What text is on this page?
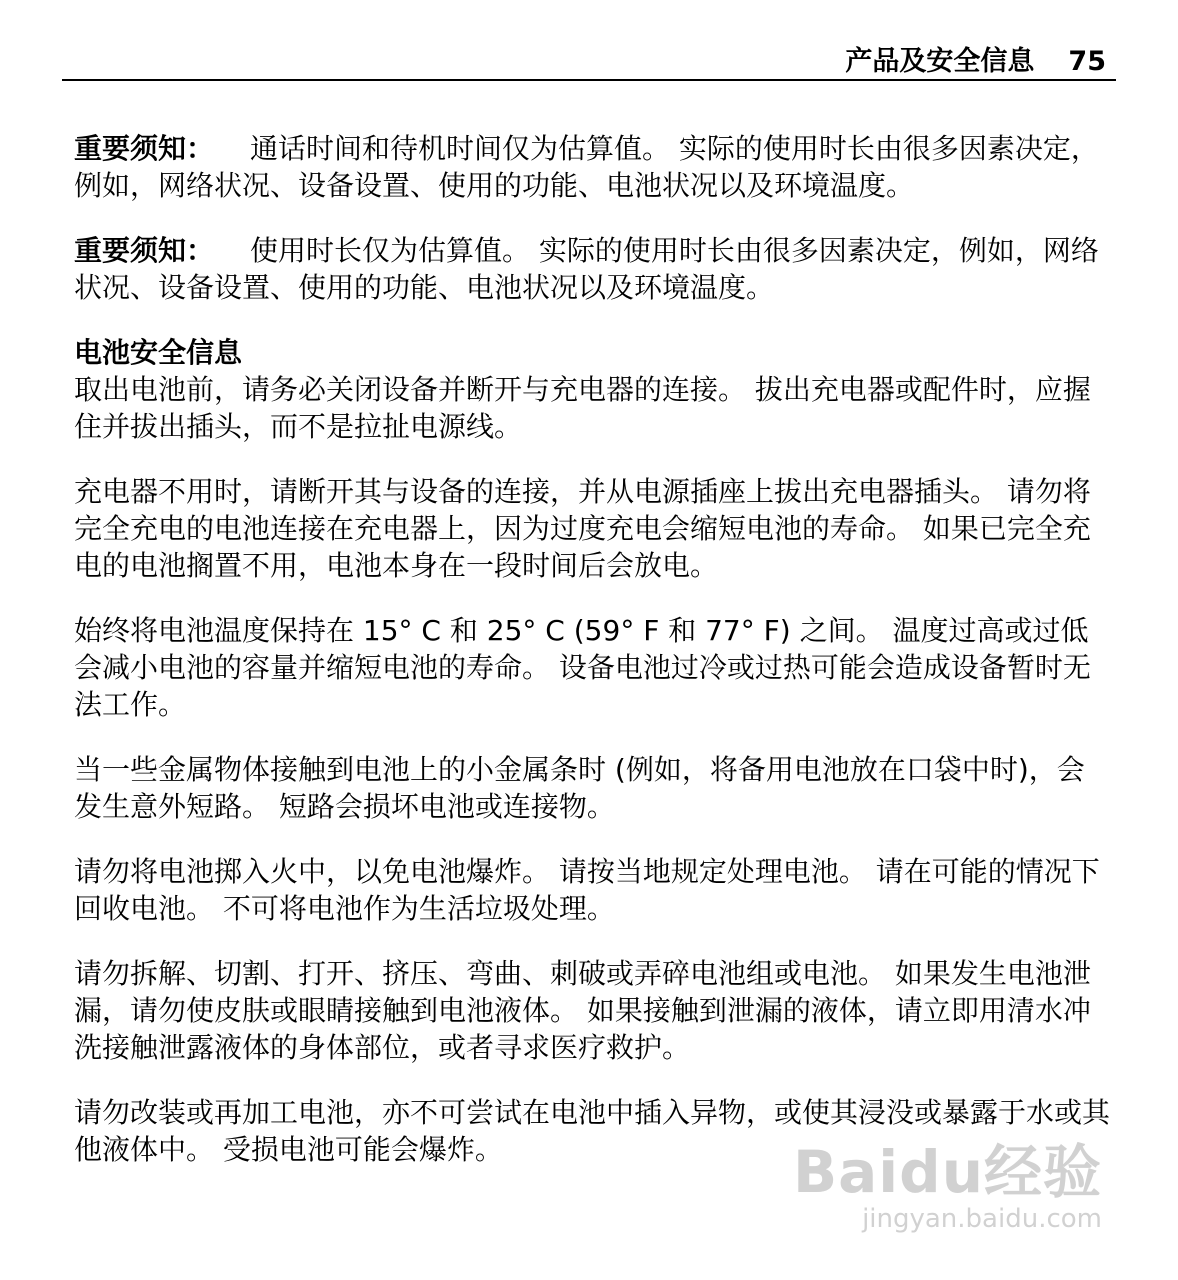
产品及安全信息 75

重要须知： 通话时间和待机时间仅为估算值。 实际的使用时长由很多因素决定，例如，网络状况、设备设置、使用的功能、电池状况以及环境温度。

重要须知： 使用时长仅为估算值。 实际的使用时长由很多因素决定，例如，网络状况、设备设置、使用的功能、电池状况以及环境温度。

电池安全信息

取出电池前，请务必关闭设备并断开与充电器的连接。 拔出充电器或配件时，应握住并拔出插头，而不是拉扯电源线。

充电器不用时，请断开其与设备的连接，并从电源插座上拔出充电器插头。 请勿将完全充电的电池连接在充电器上，因为过度充电会缩短电池的寿命。 如果已完全充电的电池搁置不用，电池本身在一段时间后会放电。

始终将电池温度保持在 15° C 和 25° C (59° F 和 77° F) 之间。 温度过高或过低会减小电池的容量并缩短电池的寿命。 设备电池过冷或过热可能会造成设备暂时无法工作。

当一些金属物体接触到电池上的小金属条时 (例如，将备用电池放在口袋中时)，会发生意外短路。 短路会损坏电池或连接物。

请勿将电池掷入火中，以免电池爆炸。 请按当地规定处理电池。 请在可能的情况下回收电池。 不可将电池作为生活垃圾处理。

请勿拆解、切割、打开、挤压、弯曲、刺破或弄碎电池组或电池。 如果发生电池泄漏，请勿使皮肤或眼睛接触到电池液体。 如果接触到泄漏的液体，请立即用清水冲洗接触泄露液体的身体部位，或者寻求医疗救护。

请勿改装或再加工电池，亦不可尝试在电池中插入异物，或使其浸没或暴露于水或其他液体中。 受损电池可能会爆炸。	Baidu经验
jingyan.baidu.com
